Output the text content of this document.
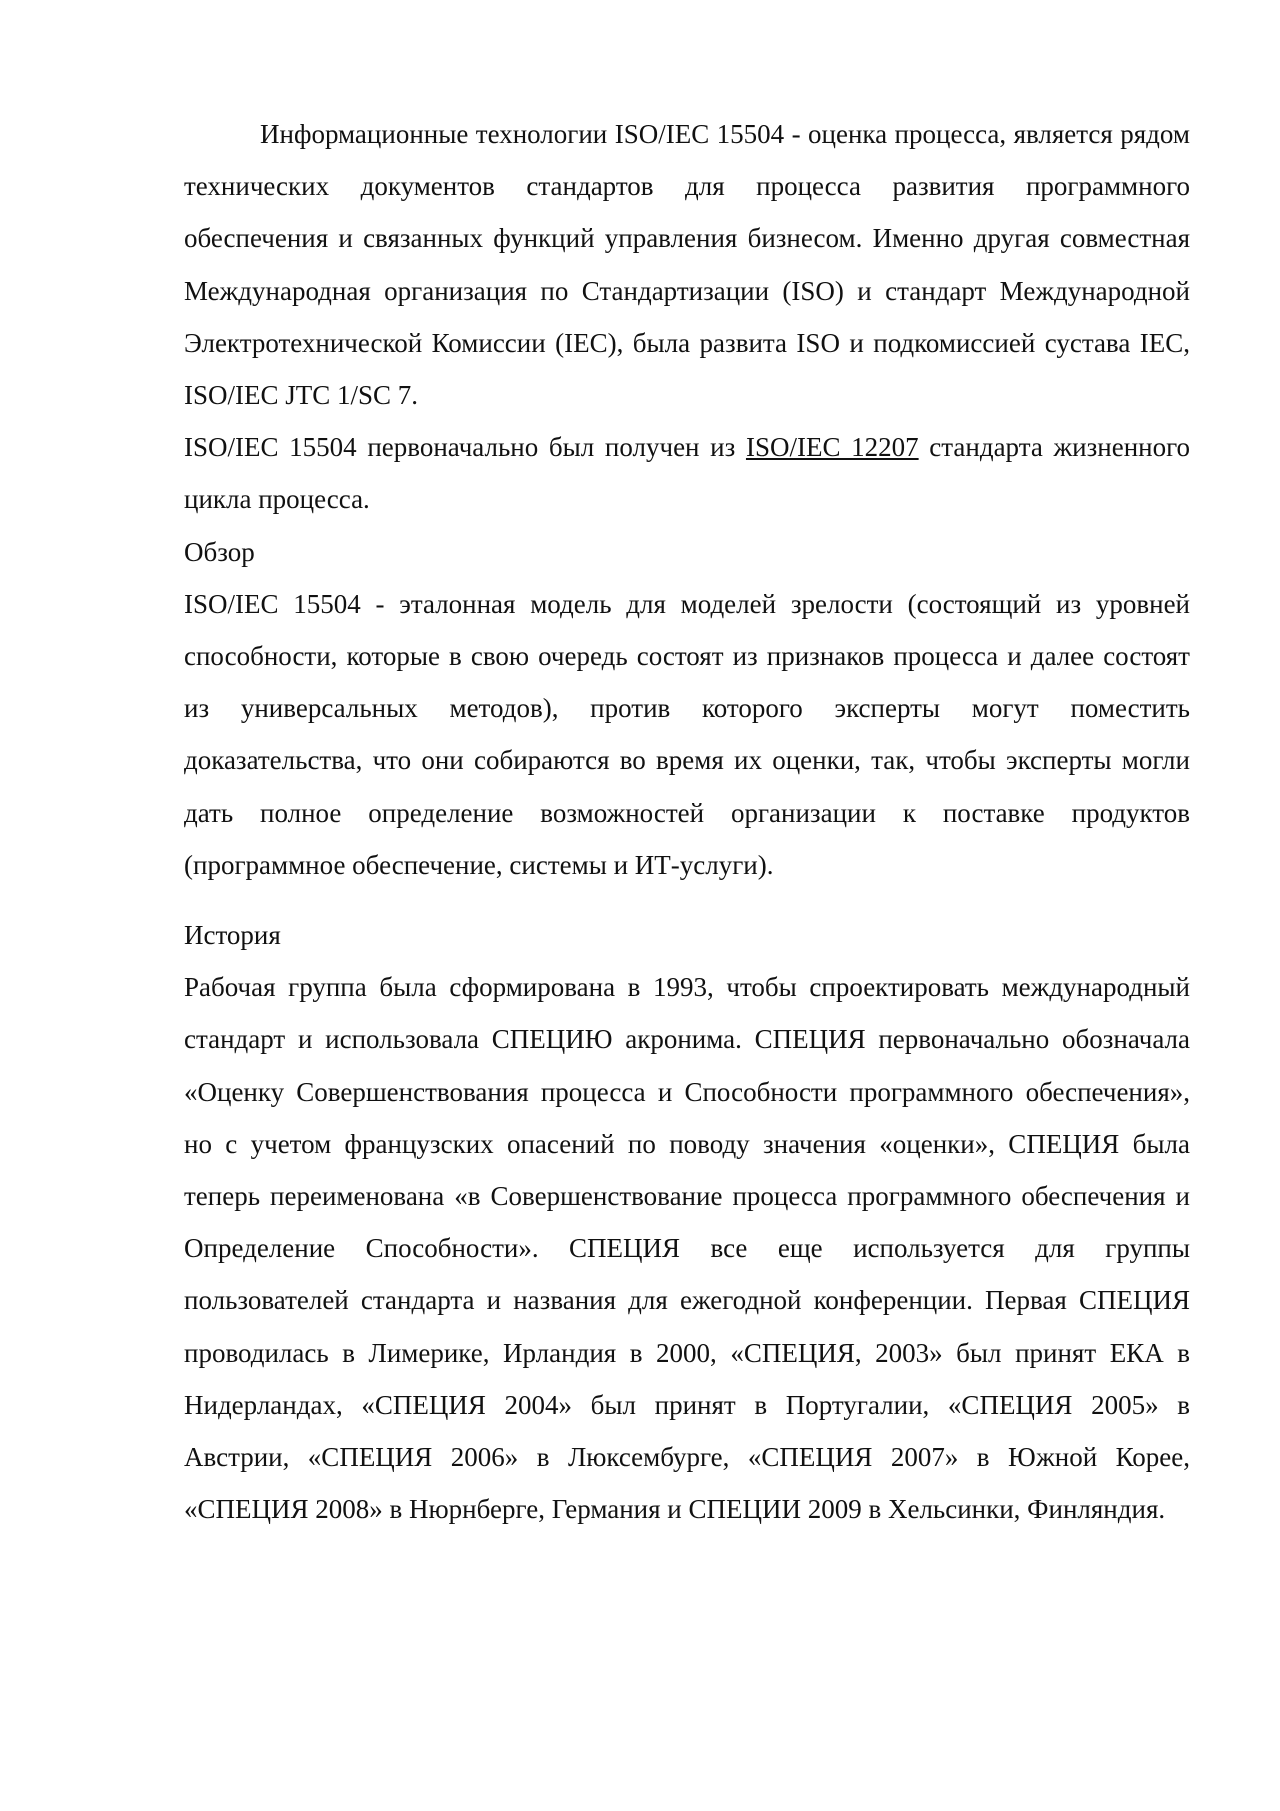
Информационные технологии ISO/IEC 15504 - оценка процесса, является рядом технических документов стандартов для процесса развития программного обеспечения и связанных функций управления бизнесом. Именно другая совместная Международная организация по Стандартизации (ISO) и стандарт Международной Электротехнической Комиссии (IEC), была развита ISO и подкомиссией сустава IEC, ISO/IEC JTC 1/SC 7.

ISO/IEC 15504 первоначально был получен из ISO/IEC 12207 стандарта жизненного цикла процесса.

Обзор

ISO/IEC 15504 - эталонная модель для моделей зрелости (состоящий из уровней способности, которые в свою очередь состоят из признаков процесса и далее состоят из универсальных методов), против которого эксперты могут поместить доказательства, что они собираются во время их оценки, так, чтобы эксперты могли дать полное определение возможностей организации к поставке продуктов (программное обеспечение, системы и ИТ-услуги).

История

Рабочая группа была сформирована в 1993, чтобы спроектировать международный стандарт и использовала СПЕЦИЮ акронима. СПЕЦИЯ первоначально обозначала «Оценку Совершенствования процесса и Способности программного обеспечения», но с учетом французских опасений по поводу значения «оценки», СПЕЦИЯ была теперь переименована «в Совершенствование процесса программного обеспечения и Определение Способности». СПЕЦИЯ все еще используется для группы пользователей стандарта и названия для ежегодной конференции. Первая СПЕЦИЯ проводилась в Лимерике, Ирландия в 2000, «СПЕЦИЯ, 2003» был принят ЕКА в Нидерландах, «СПЕЦИЯ 2004» был принят в Португалии, «СПЕЦИЯ 2005» в Австрии, «СПЕЦИЯ 2006» в Люксембурге, «СПЕЦИЯ 2007» в Южной Корее, «СПЕЦИЯ 2008» в Нюрнберге, Германия и СПЕЦИИ 2009 в Хельсинки, Финляндия.
